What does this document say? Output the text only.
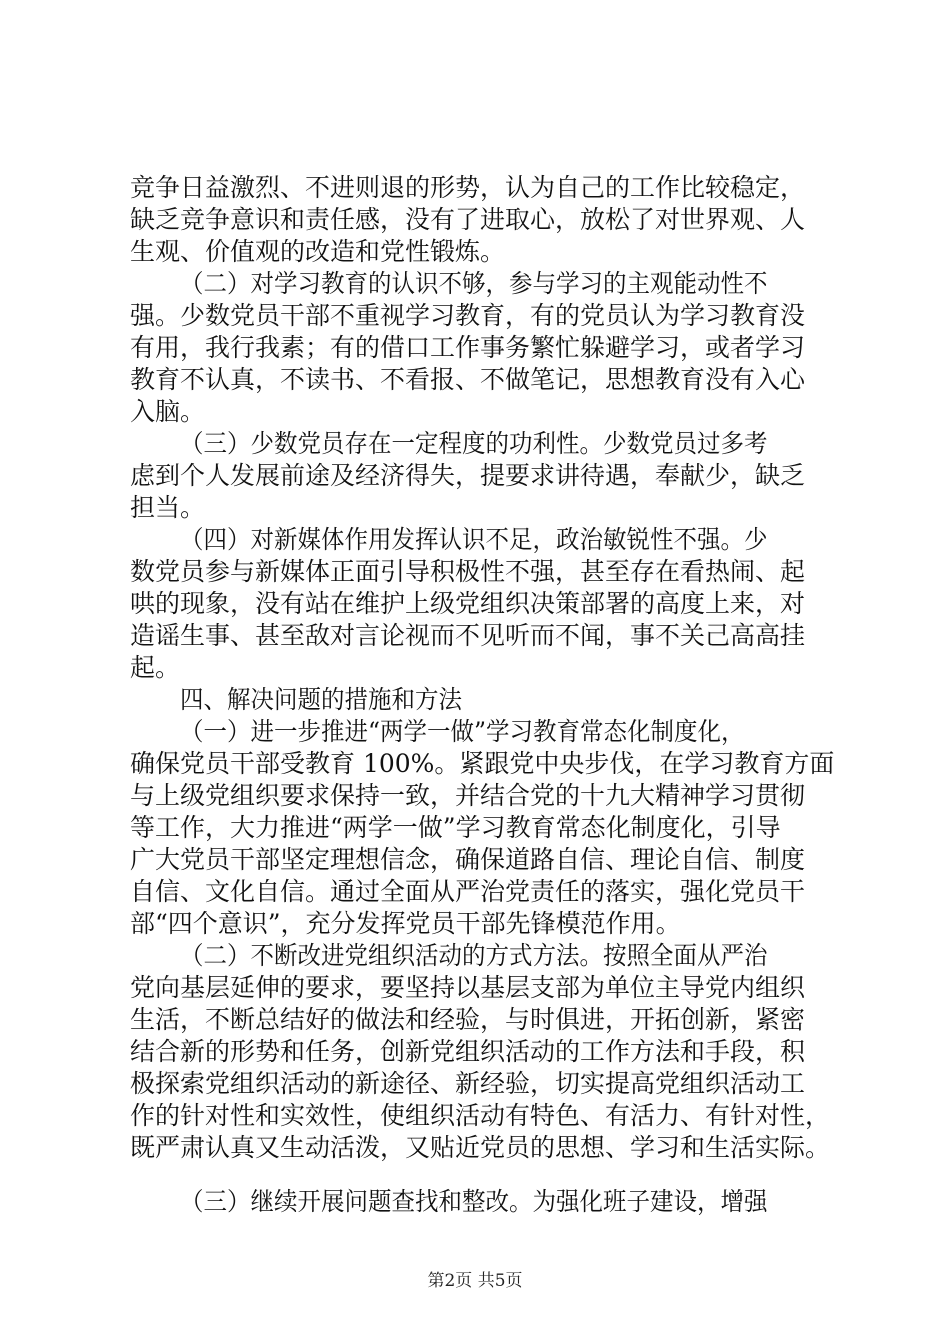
竞争日益激烈、不进则退的形势，认为自己的工作比较稳定，
缺乏竞争意识和责任感，没有了进取心，放松了对世界观、人
生观、价值观的改造和党性锻炼。
（二）对学习教育的认识不够，参与学习的主观能动性不
强。少数党员干部不重视学习教育，有的党员认为学习教育没
有用，我行我素；有的借口工作事务繁忙躲避学习，或者学习
教育不认真，不读书、不看报、不做笔记，思想教育没有入心
入脑。
（三）少数党员存在一定程度的功利性。少数党员过多考
虑到个人发展前途及经济得失，提要求讲待遇，奉献少，缺乏
担当。
（四）对新媒体作用发挥认识不足，政治敏锐性不强。少
数党员参与新媒体正面引导积极性不强，甚至存在看热闹、起
哄的现象，没有站在维护上级党组织决策部署的高度上来，对
造谣生事、甚至敌对言论视而不见听而不闻，事不关己高高挂
起。
四、解决问题的措施和方法
（一）进一步推进“两学一做”学习教育常态化制度化，
确保党员干部受教育 100%。紧跟党中央步伐，在学习教育方面
与上级党组织要求保持一致，并结合党的十九大精神学习贯彻
等工作，大力推进“两学一做”学习教育常态化制度化，引导
广大党员干部坚定理想信念，确保道路自信、理论自信、制度
自信、文化自信。通过全面从严治党责任的落实，强化党员干
部“四个意识”，充分发挥党员干部先锋模范作用。
（二）不断改进党组织活动的方式方法。按照全面从严治
党向基层延伸的要求，要坚持以基层支部为单位主导党内组织
生活，不断总结好的做法和经验，与时俱进，开拓创新，紧密
结合新的形势和任务，创新党组织活动的工作方法和手段，积
极探索党组织活动的新途径、新经验，切实提高党组织活动工
作的针对性和实效性，使组织活动有特色、有活力、有针对性，
既严肃认真又生动活泼，又贴近党员的思想、学习和生活实际。
（三）继续开展问题查找和整改。为强化班子建设，增强
第2页 共5页
